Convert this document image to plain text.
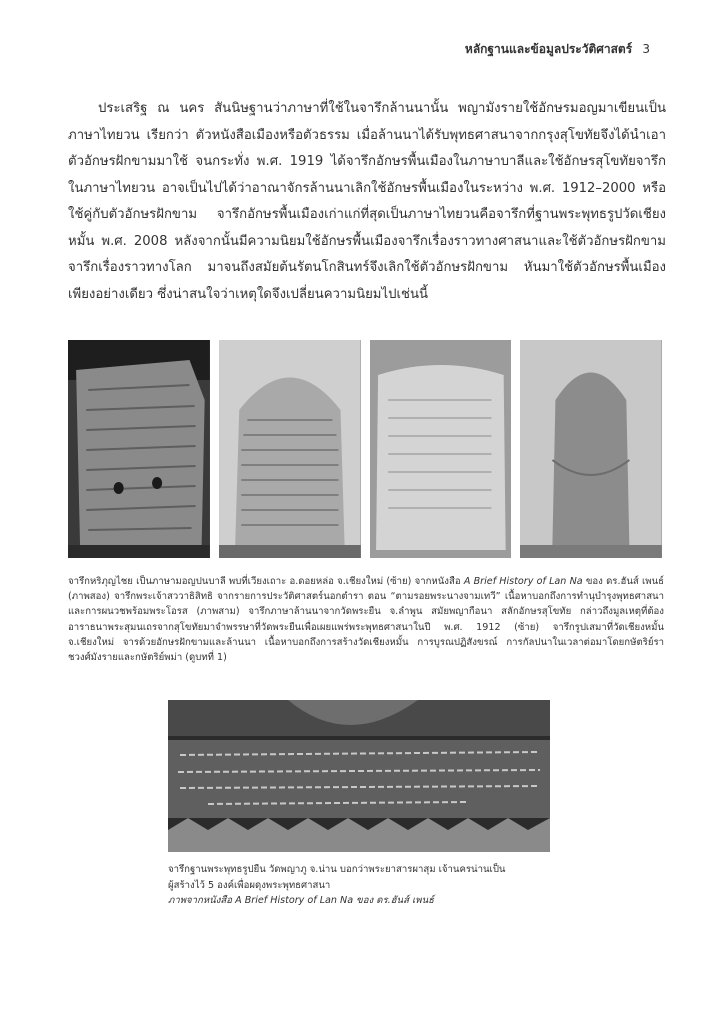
หลักฐานและข้อมูลประวัติศาสตร์ 3

ประเสริฐ ณ นคร สันนิษฐานว่าภาษาที่ใช้ในจารึกล้านนานั้น พญามังรายใช้อักษรมอญมาเขียนเป็นภาษาไทยวน เรียกว่า ตัวหนังสือเมืองหรือตัวธรรม เมื่อล้านนาได้รับพุทธศาสนาจากกรุงสุโขทัยจึงได้นำเอาตัวอักษรฝักขามมาใช้ จนกระทั่ง พ.ศ. 1919 ได้จารึกอักษรพื้นเมืองในภาษาบาลีและใช้อักษรสุโขทัยจารึกในภาษาไทยวน อาจเป็นไปได้ว่าอาณาจักรล้านนาเลิกใช้อักษรพื้นเมืองในระหว่าง พ.ศ. 1912–2000 หรือใช้คู่กับตัวอักษรฝักขาม จารึกอักษรพื้นเมืองเก่าแก่ที่สุดเป็นภาษาไทยวนคือจารึกที่ฐานพระพุทธรูปวัดเชียงหมั้น พ.ศ. 2008 หลังจากนั้นมีความนิยมใช้อักษรพื้นเมืองจารึกเรื่องราวทางศาสนาและใช้ตัวอักษรฝักขามจารึกเรื่องราวทางโลก มาจนถึงสมัยต้นรัตนโกสินทร์จึงเลิกใช้ตัวอักษรฝักขาม หันมาใช้ตัวอักษรพื้นเมืองเพียงอย่างเดียว ซึ่งน่าสนใจว่าเหตุใดจึงเปลี่ยนความนิยมไปเช่นนี้

จารึกหริภุญไชย เป็นภาษามอญปนบาลี พบที่เวียงเถาะ อ.ดอยหล่อ จ.เชียงใหม่ (ซ้าย) จากหนังสือ A Brief History of Lan Na ของ ดร.ฮันส์ เพนธ์ (ภาพสอง) จารึกพระเจ้าสววาธิสิทธิ จากรายการประวัติศาสตร์นอกตำรา ตอน “ตามรอยพระนางจามเทวี” เนื้อหาบอกถึงการทำนุบำรุงพุทธศาสนาและการผนวชพร้อมพระโอรส (ภาพสาม) จารึกภาษาล้านนาจากวัดพระยืน จ.ลำพูน สมัยพญากือนา สลักอักษรสุโขทัย กล่าวถึงมูลเหตุที่ต้องอาราธนาพระสุมนเถรจากสุโขทัยมาจำพรรษาที่วัดพระยืนเพื่อเผยแพร่พระพุทธศาสนาในปี พ.ศ. 1912 (ซ้าย) จารึกรูปเสมาที่วัดเชียงหมั้น จ.เชียงใหม่ จารด้วยอักษรฝักขามและล้านนา เนื้อหาบอกถึงการสร้างวัดเชียงหมั้น การบูรณปฏิสังขรณ์ การกัลปนาในเวลาต่อมาโดยกษัตริย์ราชวงศ์มังรายและกษัตริย์พม่า (ดูบทที่ 1)
จารึกฐานพระพุทธรูปยืน วัดพญาภู จ.น่าน บอกว่าพระยาสารผาสุม เจ้านครน่านเป็น
ผู้สร้างไว้ 5 องค์เพื่อผดุงพระพุทธศาสนา
ภาพจากหนังสือ A Brief History of Lan Na ของ ดร.ฮันส์ เพนธ์
